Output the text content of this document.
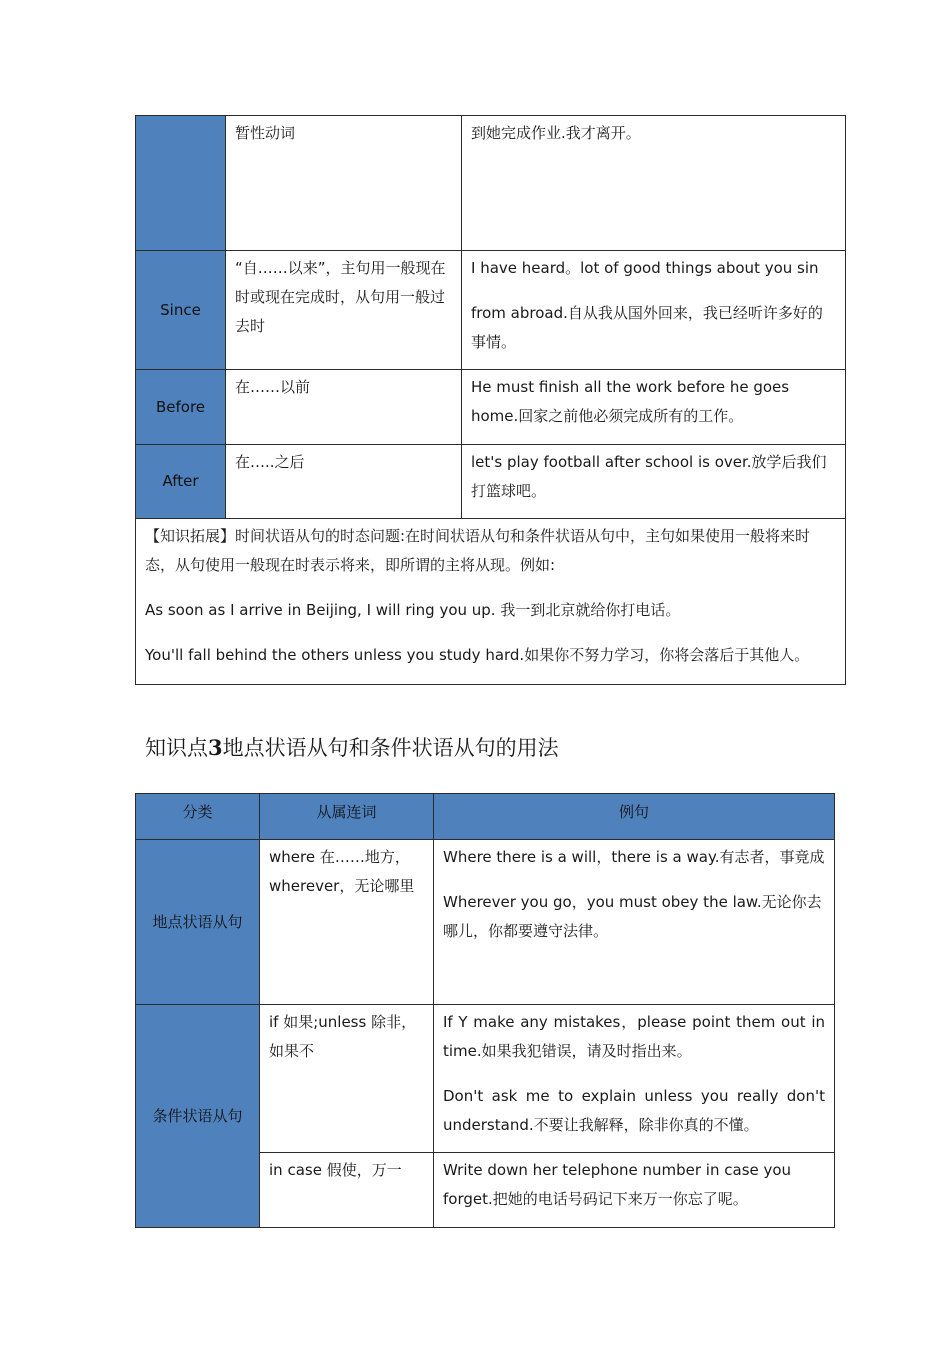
	暂性动词	到她完成作业.我才离开。

Since	“自……以来”，主句用一般现在时或现在完成时，从句用一般过去时	I have heard。lot of good things about you sin

from abroad.自从我从国外回来，我已经听许多好的事情。

Before	在……以前	He must finish all the work before he goes home.回家之前他必须完成所有的工作。

After	在…..之后	let's play football after school is over.放学后我们打篮球吧。

【知识拓展】时间状语从句的时态问题:在时间状语从句和条件状语从句中，主句如果使用一般将来时态，从句使用一般现在时表示将来，即所谓的主将从现。例如:

As soon as I arrive in Beijing, I will ring you up. 我一到北京就给你打电话。

You'll fall behind the others unless you study hard.如果你不努力学习，你将会落后于其他人。		

知识点3地点状语从句和条件状语从句的用法
分类	从属连词	例句
地点状语从句	where 在……地方，wherever，无论哪里	Where there is a will，there is a way.有志者，事竟成

Wherever you go，you must obey the law.无论你去哪儿，你都要遵守法律。

条件状语从句	if 如果;unless 除非，如果不	If Y make any mistakes，please point them out in time.如果我犯错误，请及时指出来。

Don't ask me to explain unless you really don't understand.不要让我解释，除非你真的不懂。

	in case 假使，万一	Write down her telephone number in case you forget.把她的电话号码记下来万一你忘了呢。
